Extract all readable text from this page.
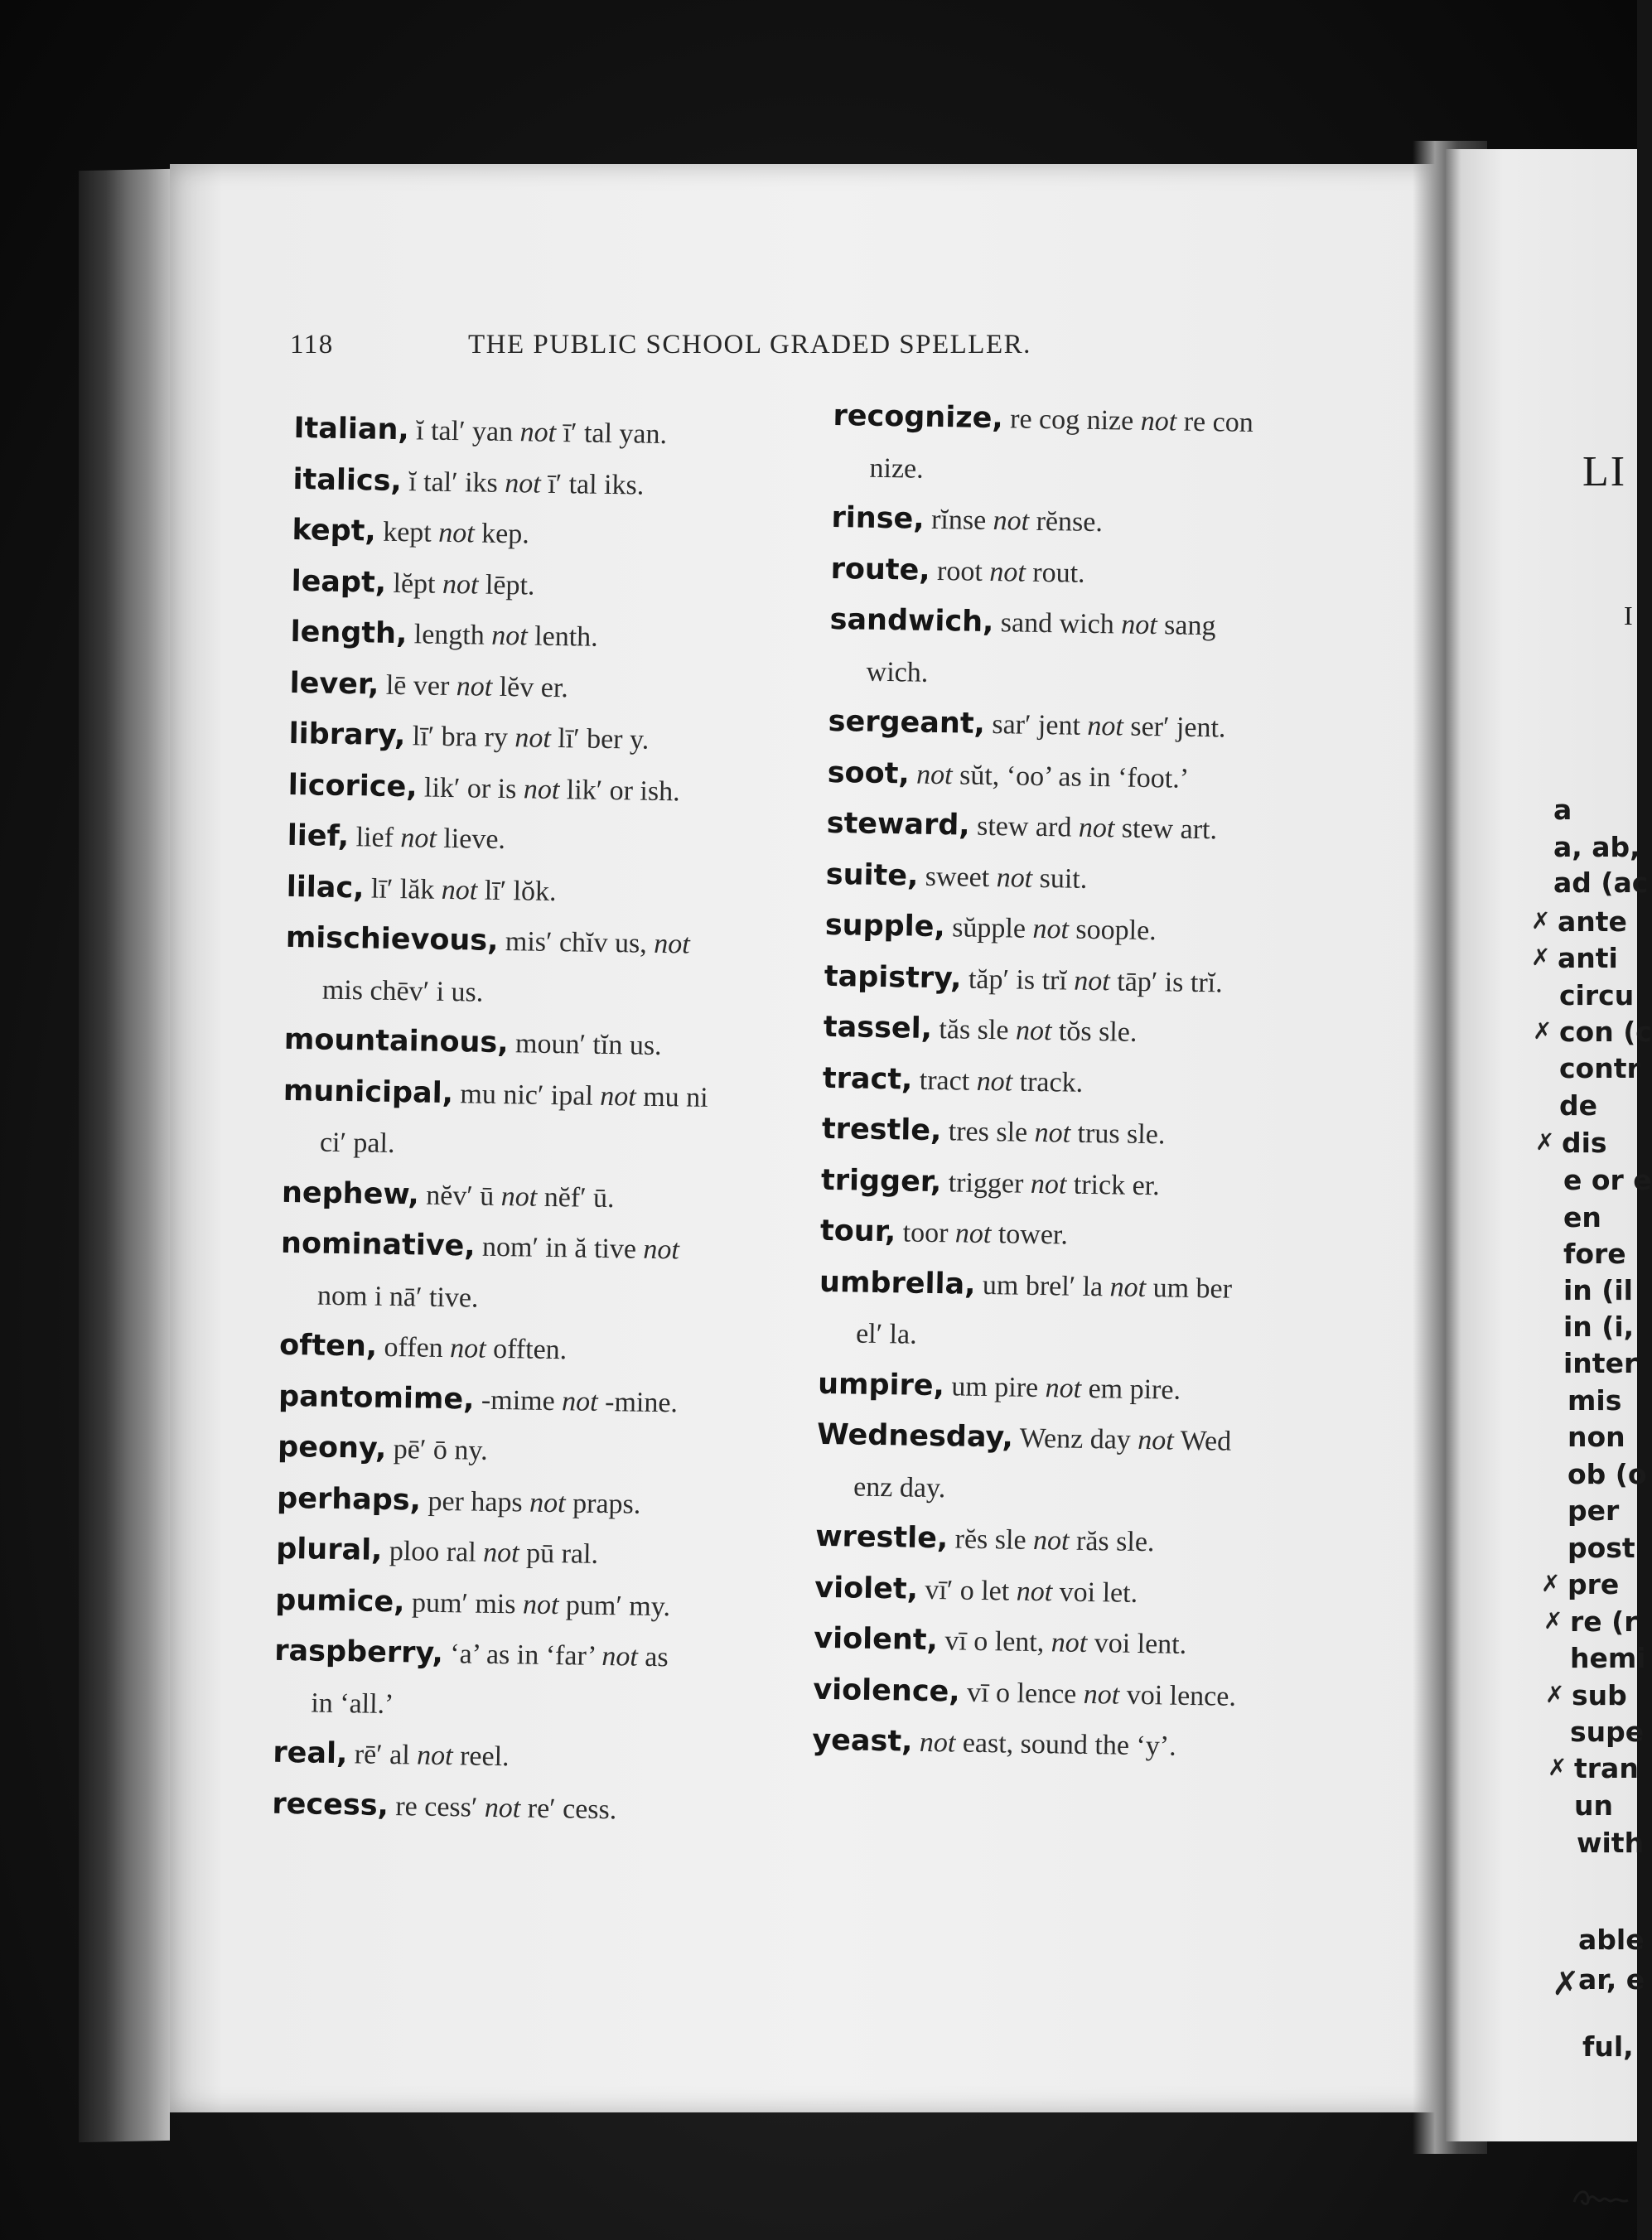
118	THE PUBLIC SCHOOL GRADED SPELLER.

Italian, ĭ tal′ yan not ī′ tal yan.

italics, ĭ tal′ iks not ī′ tal iks.

kept, kept not kep.

leapt, lĕpt not lēpt.

length, length not lenth.

lever, lē ver not lĕv er.

library, lī′ bra ry not lī′ ber y.

licorice, lik′ or is not lik′ or ish.

lief, lief not lieve.

lilac, lī′ lăk not lī′ lŏk.

mischievous, mis′ chĭv us, not

mis chēv′ i us.

mountainous, moun′ tĭn us.

municipal, mu nic′ ipal not mu ni

ci′ pal.

nephew, nĕv′ ū not nĕf′ ū.

nominative, nom′ in ă tive not

nom i nā′ tive.

often, offen not offten.

pantomime, -mime not -mine.

peony, pē′ ō ny.

perhaps, per haps not praps.

plural, ploo ral not pū ral.

pumice, pum′ mis not pum′ my.

raspberry, ‘a’ as in ‘far’ not as

in ‘all.’

real, rē′ al not reel.

recess, re cess′ not re′ cess.

recognize, re cog nize not re con

nize.

rinse, rĭnse not rĕnse.

route, root not rout.

sandwich, sand wich not sang

wich.

sergeant, sar′ jent not ser′ jent.

soot, not sŭt, ‘oo’ as in ‘foot.’

steward, stew ard not stew art.

suite, sweet not suit.

supple, sŭpple not soople.

tapistry, tăp′ is trĭ not tāp′ is trĭ.

tassel, tăs sle not tŏs sle.

tract, tract not track.

trestle, tres sle not trus sle.

trigger, trigger not trick er.

tour, toor not tower.

umbrella, um brel′ la not um ber

el′ la.

umpire, um pire not em pire.

Wednesday, Wenz day not Wed

enz day.

wrestle, rĕs sle not răs sle.

violet, vī′ o let not voi let.

violent, vī o lent, not voi lent.

violence, vī o lence not voi lence.

yeast, not east, sound the ‘y’.

LI
I
a
a, ab,
ad (ac
ante
✗
anti
✗
circu
con (c
✗
contr
de
dis
✗
e or e
en
fore
in (il
in (i,
inter
mis
non
ob (o
per
post
pre
✗
re (r
✗
hemi
sub
✗
supe
tran
✗
un
with
able
ar, e
✗
ful,
